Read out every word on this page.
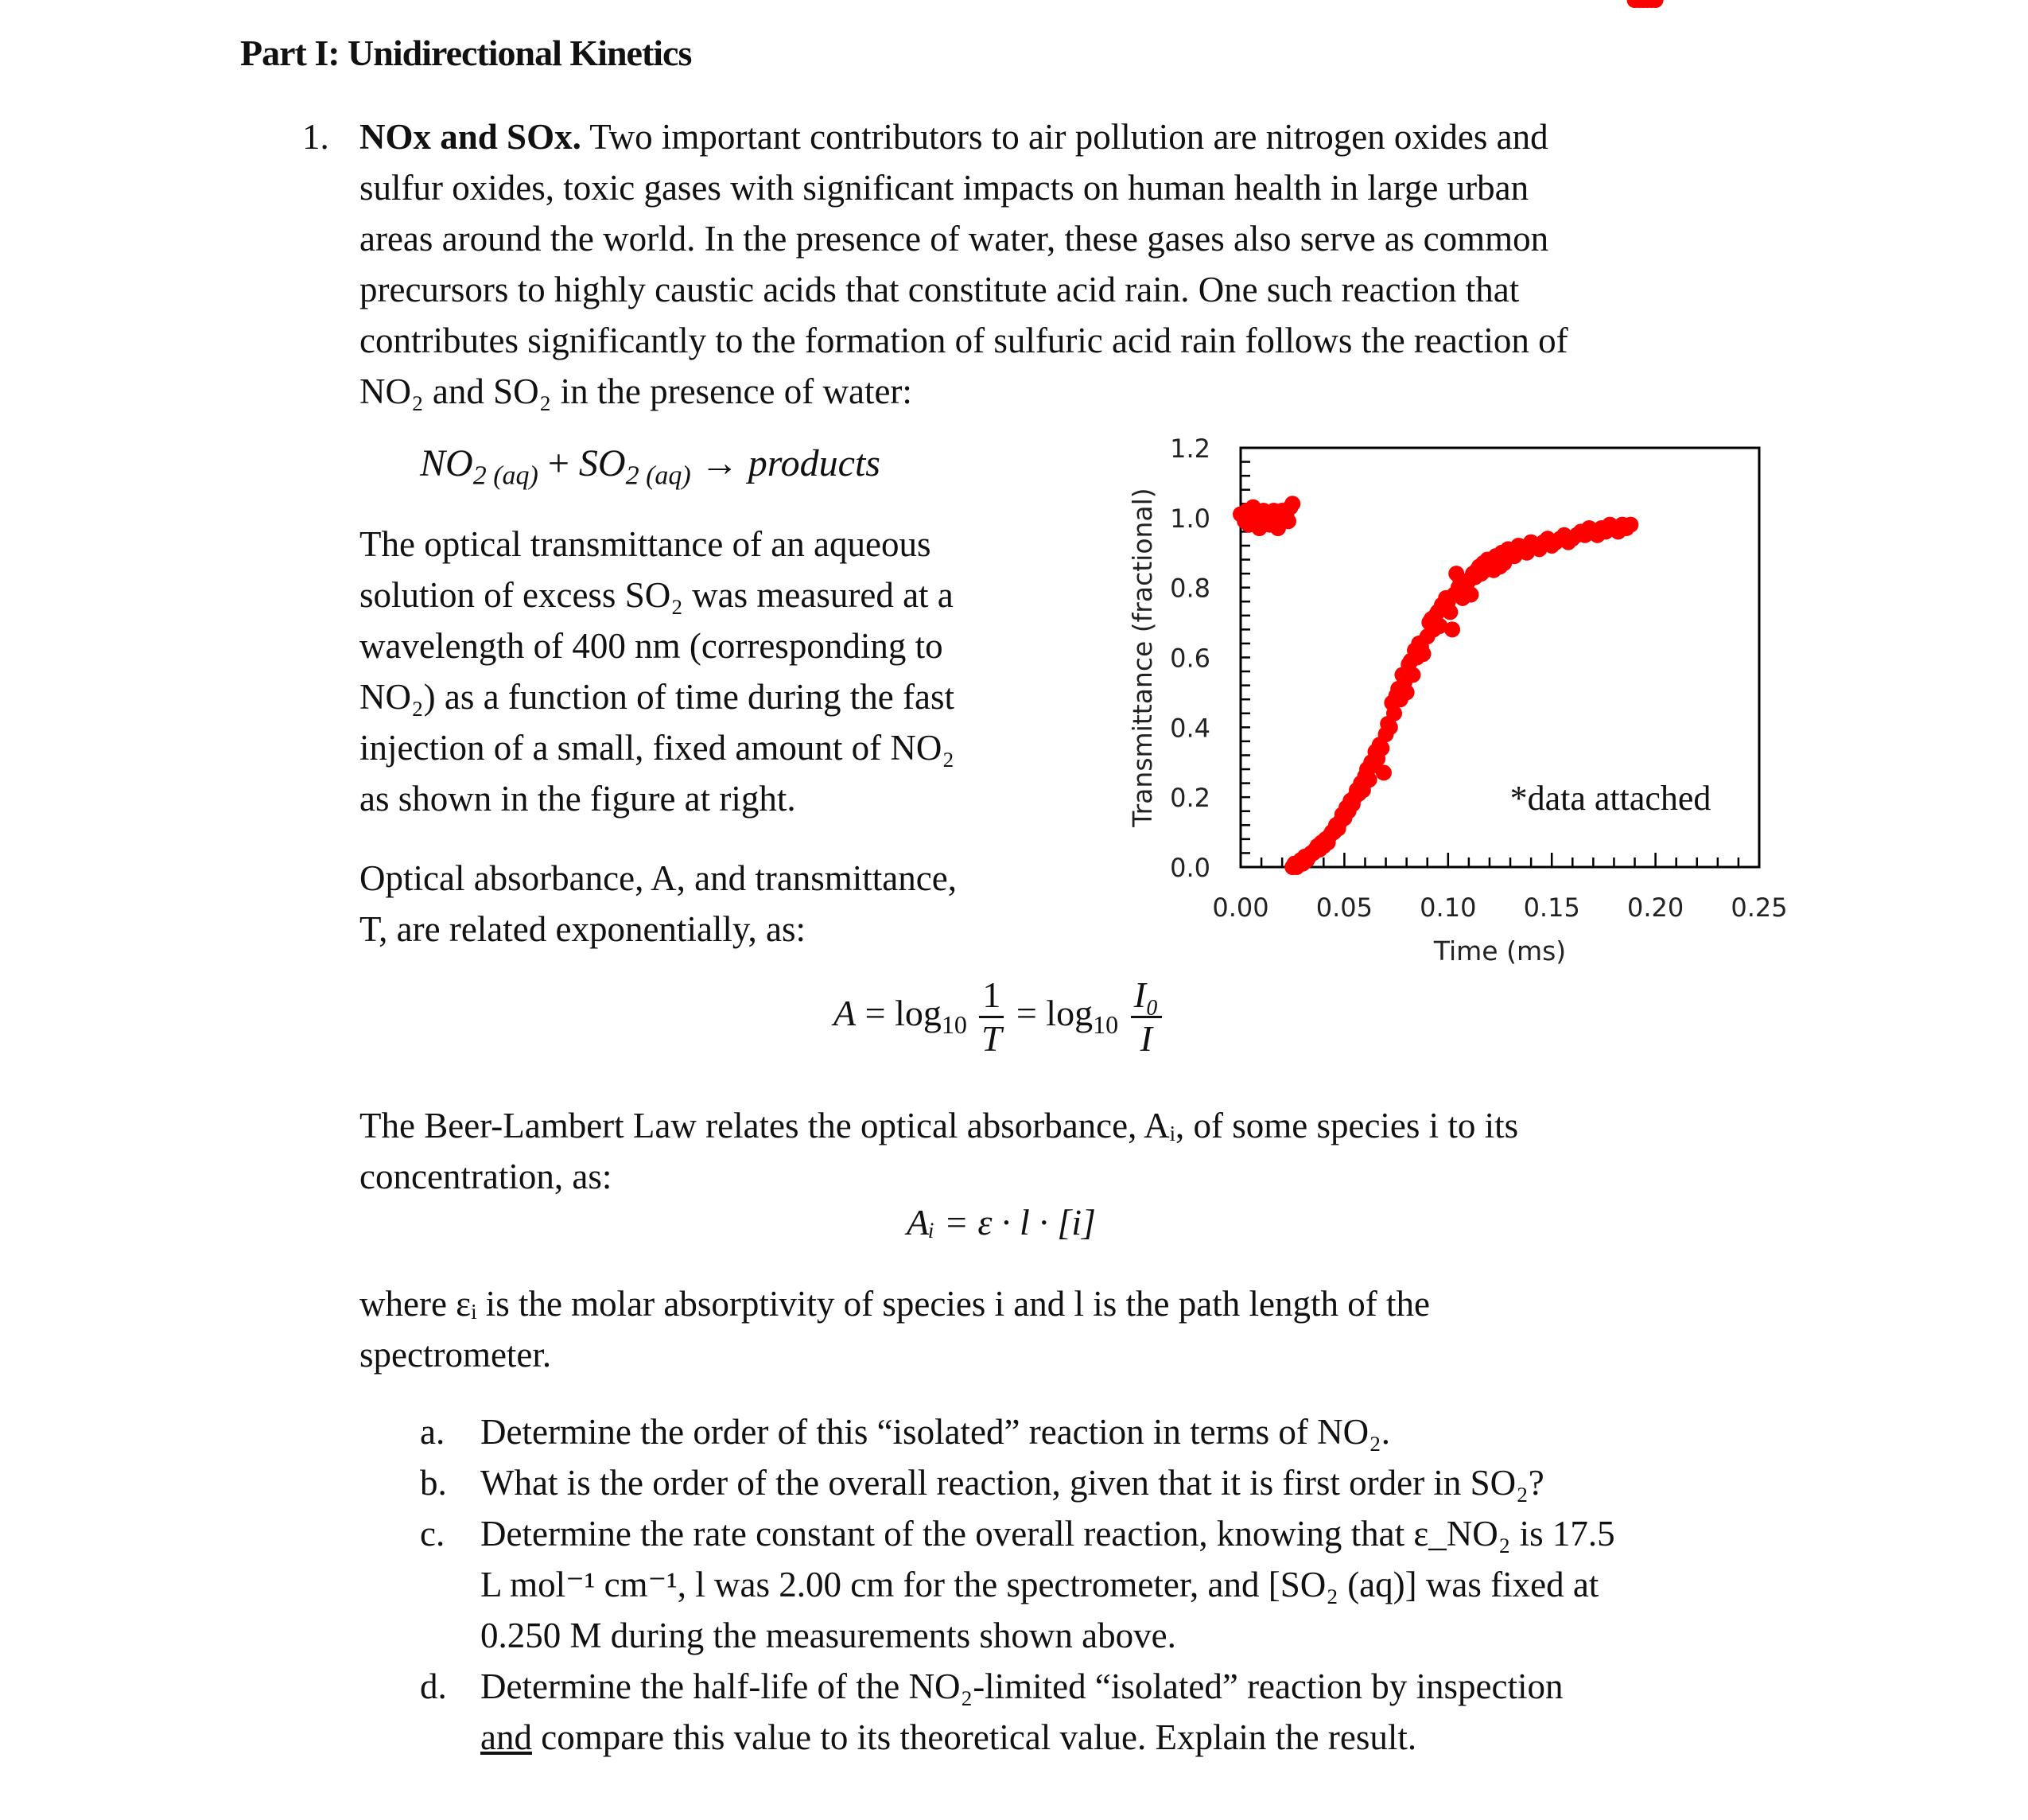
Part I: Unidirectional Kinetics
1. NOx and SOx. Two important contributors to air pollution are nitrogen oxides and
sulfur oxides, toxic gases with significant impacts on human health in large urban
areas around the world. In the presence of water, these gases also serve as common
precursors to highly caustic acids that constitute acid rain. One such reaction that
contributes significantly to the formation of sulfuric acid rain follows the reaction of
NO₂ and SO₂ in the presence of water:
$NO_{2 (aq)} + SO_{2 (aq)}$ → products
The optical transmittance of an aqueous
solution of excess SO₂ was measured at a
wavelength of 400 nm (corresponding to
NO₂) as a function of time during the fast
injection of a small, fixed amount of NO₂
as shown in the figure at right.
Optical absorbance, A, and transmittance,
T, are related exponentially, as:
$A = \log_{10} \frac{1}{T} = \log_{10} \frac{\text{I₀}}{I}$
The Beer-Lambert Law relates the optical absorbance, Aᵢ, of some species i to its
concentration, as:
Aᵢ = ε · l · [i]
where εᵢ is the molar absorptivity of species i and l is the path length of the
spectrometer.
a. Determine the order of this “isolated” reaction in terms of NO₂.
b. What is the order of the overall reaction, given that it is first order in SO₂?
c. Determine the rate constant of the overall reaction, knowing that ε_NO₂ is 17.5
L mol⁻¹ cm⁻¹, l was 2.00 cm for the spectrometer, and [SO₂ (aq)] was fixed at
0.250 M during the measurements shown above.
d. Determine the half-life of the NO₂-limited “isolated” reaction by inspection
and compare this value to its theoretical value. Explain the result.
0.0
0.2
0.4
0.6
0.8
1.0
1.2
0.00 0.05 0.10 0.15 0.20 0.25
Time (ms)
Transmittance (fractional)	*data attached
